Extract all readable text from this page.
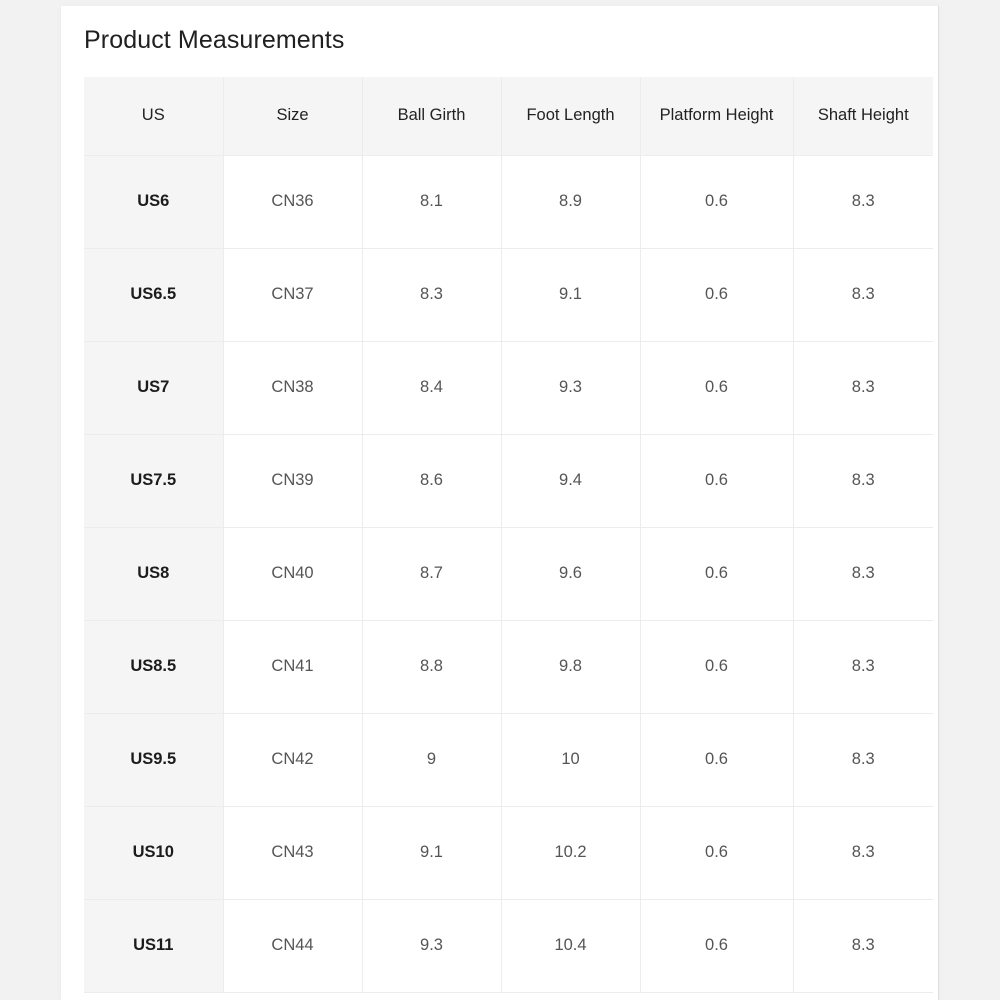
Product Measurements
US	Size	Ball Girth	Foot Length	Platform Height	Shaft Height
US6	CN36	8.1	8.9	0.6	8.3
US6.5	CN37	8.3	9.1	0.6	8.3
US7	CN38	8.4	9.3	0.6	8.3
US7.5	CN39	8.6	9.4	0.6	8.3
US8	CN40	8.7	9.6	0.6	8.3
US8.5	CN41	8.8	9.8	0.6	8.3
US9.5	CN42	9	10	0.6	8.3
US10	CN43	9.1	10.2	0.6	8.3
US11	CN44	9.3	10.4	0.6	8.3
